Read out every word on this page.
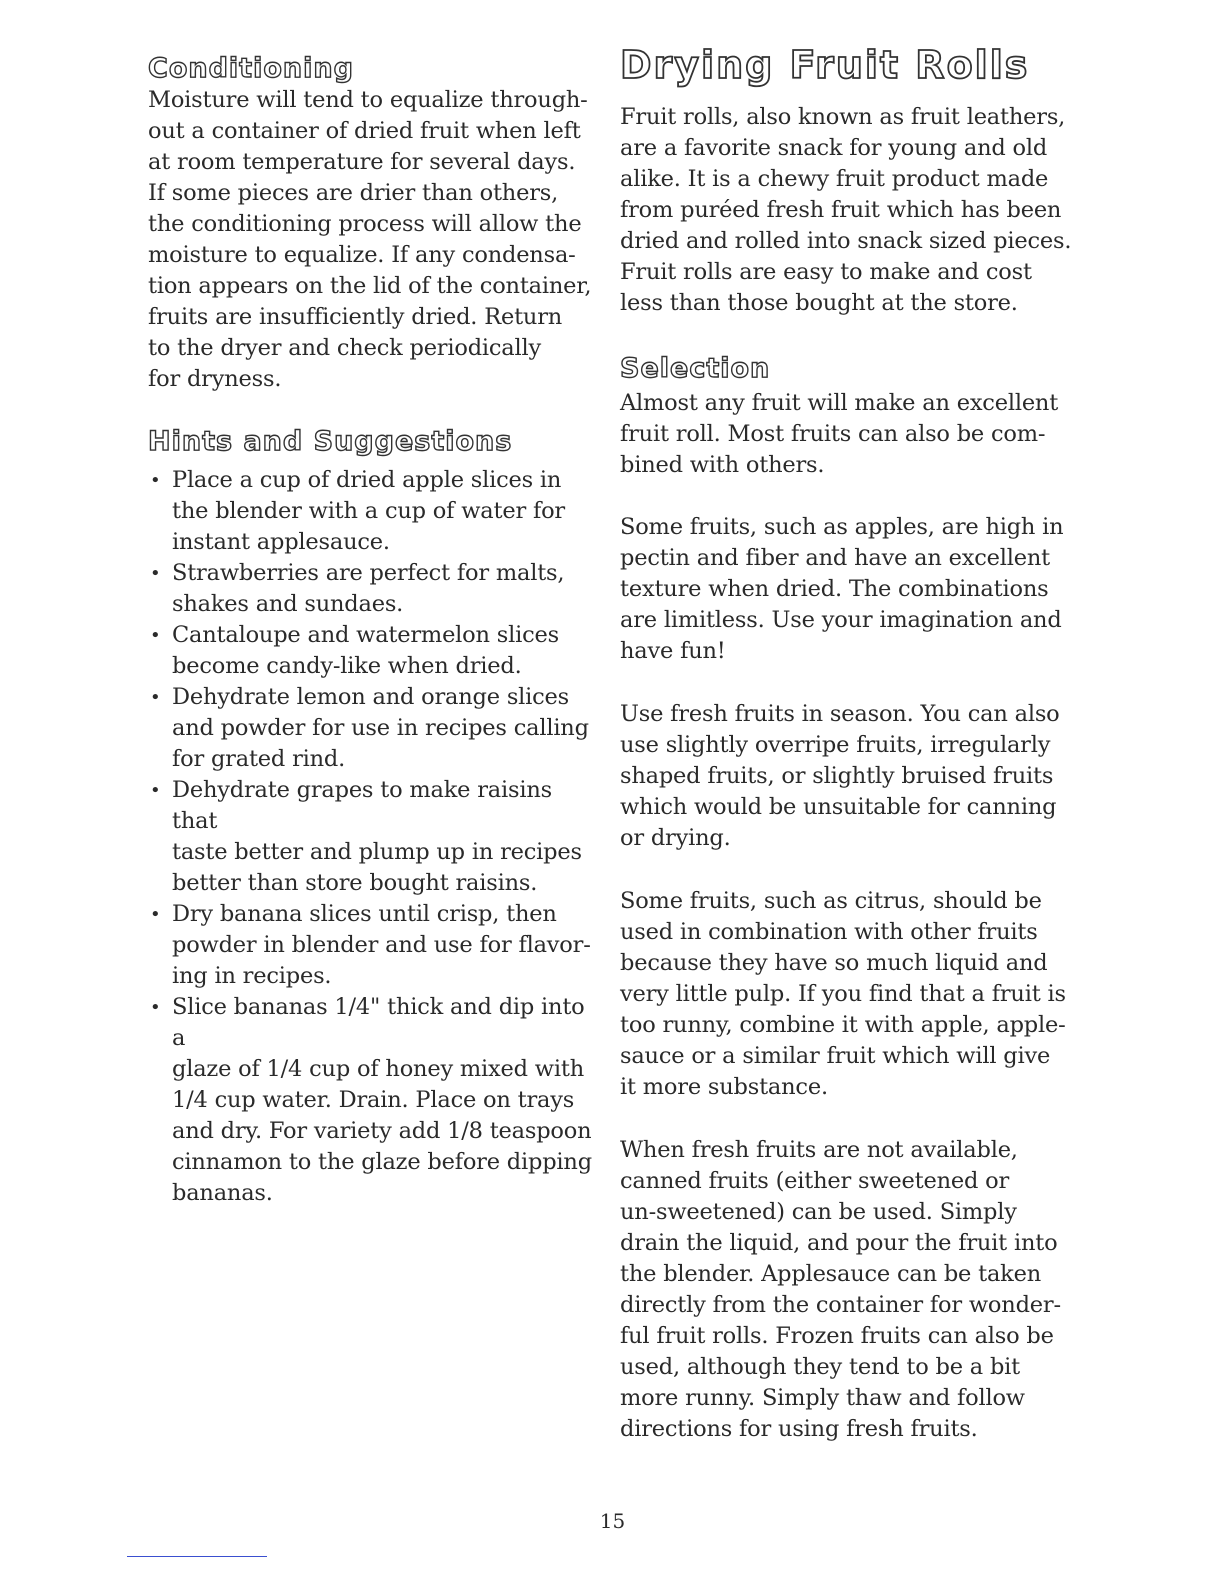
Conditioning

Moisture will tend to equalize through-
out a container of dried fruit when left
at room temperature for several days.
If some pieces are drier than others,
the conditioning process will allow the
moisture to equalize. If any condensa-
tion appears on the lid of the container,
fruits are insufficiently dried. Return
to the dryer and check periodically
for dryness.

Hints and Suggestions
• Place a cup of dried apple slices in
the blender with a cup of water for
instant applesauce.
• Strawberries are perfect for malts,
shakes and sundaes.
• Cantaloupe and watermelon slices
become candy-like when dried.
• Dehydrate lemon and orange slices
and powder for use in recipes calling
for grated rind.
• Dehydrate grapes to make raisins that
taste better and plump up in recipes
better than store bought raisins.
• Dry banana slices until crisp, then
powder in blender and use for flavor-
ing in recipes.
• Slice bananas 1/4" thick and dip into a
glaze of 1/4 cup of honey mixed with
1/4 cup water. Drain. Place on trays
and dry. For variety add 1/8 teaspoon
cinnamon to the glaze before dipping
bananas.
Drying Fruit Rolls

Fruit rolls, also known as fruit leathers,
are a favorite snack for young and old
alike. It is a chewy fruit product made
from puréed fresh fruit which has been
dried and rolled into snack sized pieces.
Fruit rolls are easy to make and cost
less than those bought at the store.

Selection

Almost any fruit will make an excellent
fruit roll. Most fruits can also be com-
bined with others.

Some fruits, such as apples, are high in
pectin and fiber and have an excellent
texture when dried. The combinations
are limitless. Use your imagination and
have fun!

Use fresh fruits in season. You can also
use slightly overripe fruits, irregularly
shaped fruits, or slightly bruised fruits
which would be unsuitable for canning
or drying.

Some fruits, such as citrus, should be
used in combination with other fruits
because they have so much liquid and
very little pulp. If you find that a fruit is
too runny, combine it with apple, apple-
sauce or a similar fruit which will give
it more substance.

When fresh fruits are not available,
canned fruits (either sweetened or
un-sweetened) can be used. Simply
drain the liquid, and pour the fruit into
the blender. Applesauce can be taken
directly from the container for wonder-
ful fruit rolls. Frozen fruits can also be
used, although they tend to be a bit
more runny. Simply thaw and follow
directions for using fresh fruits.

15
